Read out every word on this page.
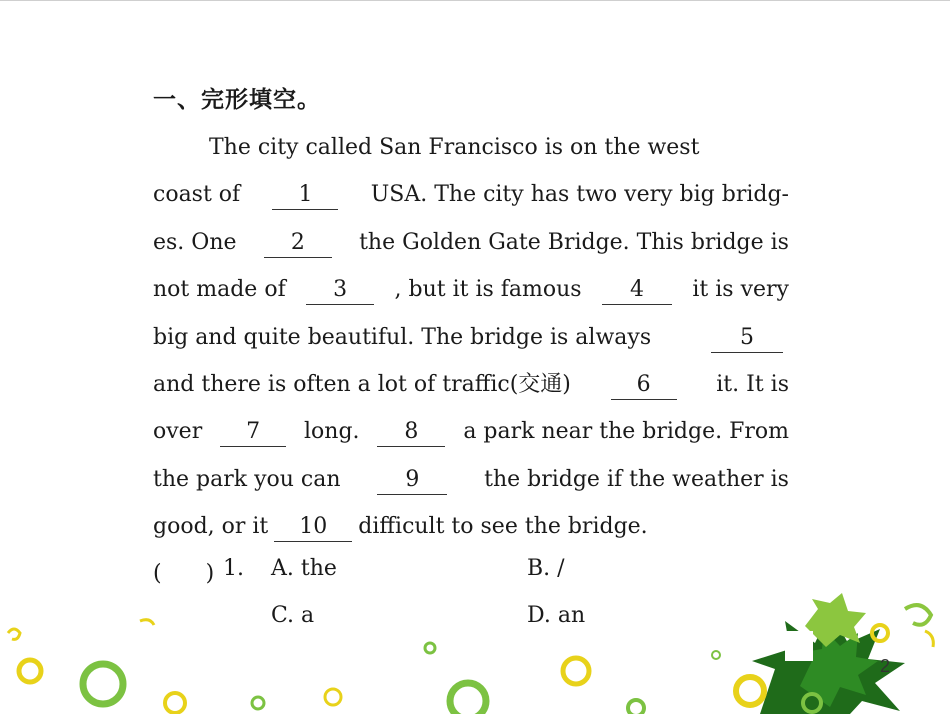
一、完形填空。
The city called San Francisco is on the west
coast of	1	USA. The city has two very big bridg-
es. One	2	the Golden Gate Bridge. This bridge is
not made of	3	, but it is famous	4	it is very
big and quite beautiful. The bridge is always	5
and there is often a lot of traffic(交通)	6	it. It is
over	7	long.	8	a park near the bridge. From
the park you can	9	the bridge if the weather is
good, or it	10	difficult to see the bridge.
(　　) 1. A. the	B. /
C. a	D. an
2
